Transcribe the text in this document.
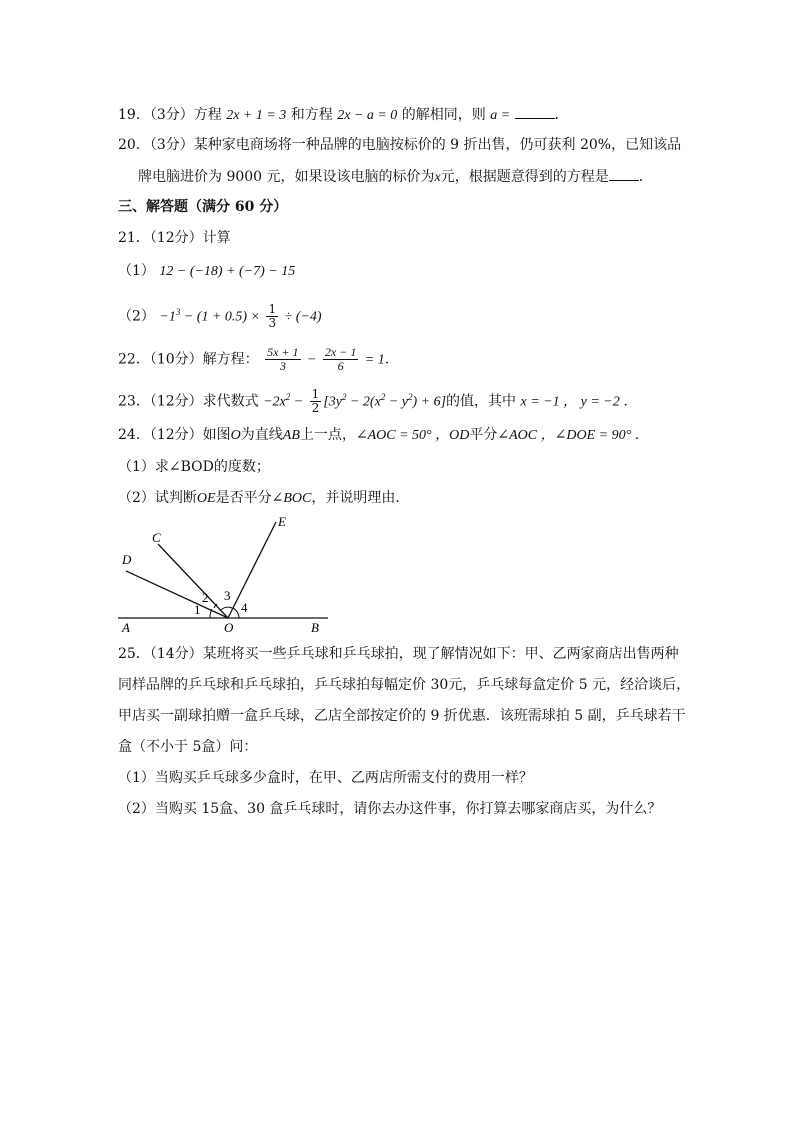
19．（3分）方程 2x + 1 = 3 和方程 2x − a = 0 的解相同，则 a =	．
20．（3分）某种家电商场将一种品牌的电脑按标价的 9 折出售，仍可获利 20%，已知该品
牌电脑进价为 9000 元，如果设该电脑的标价为x元，根据题意得到的方程是 ．
三、解答题（满分 60 分）
21．（12分）计算
（1） 12 − (−18) + (−7) − 15
$(2) -1^3 - (1 + 0.5) \times \frac{1}{3} \div (-4)$
22．（10分）解方程： $\frac{5x + 1}{3} - \frac{2x - 1}{6} = 1$．
23．（12分）求代数式 $-2x^2 - \frac{1}{2} [3y^2 - 2(x^2 - y^2) + 6]$的值，其中 x = −1 ， y = −2 ．
24．（12分）如图O为直线AB上一点，∠AOC = 50° ，OD平分∠AOC ，∠DOE = 90° ．
（1）求∠BOD的度数；
（2）试判断OE是否平分∠BOC，并说明理由．
D
C
E
A	O	B
1
2 3
4
25．（14分）某班将买一些乒乓球和乒乓球拍，现了解情况如下：甲、乙两家商店出售两种
同样品牌的乒乓球和乒乓球拍，乒乓球拍每幅定价 30元，乒乓球每盒定价 5 元，经洽谈后，
甲店买一副球拍赠一盒乒乓球，乙店全部按定价的 9 折优惠．该班需球拍 5 副，乒乓球若干
盒（不小于 5盒）问：
（1）当购买乒乓球多少盒时，在甲、乙两店所需支付的费用一样？
（2）当购买 15盒、30 盒乒乓球时，请你去办这件事，你打算去哪家商店买，为什么？
